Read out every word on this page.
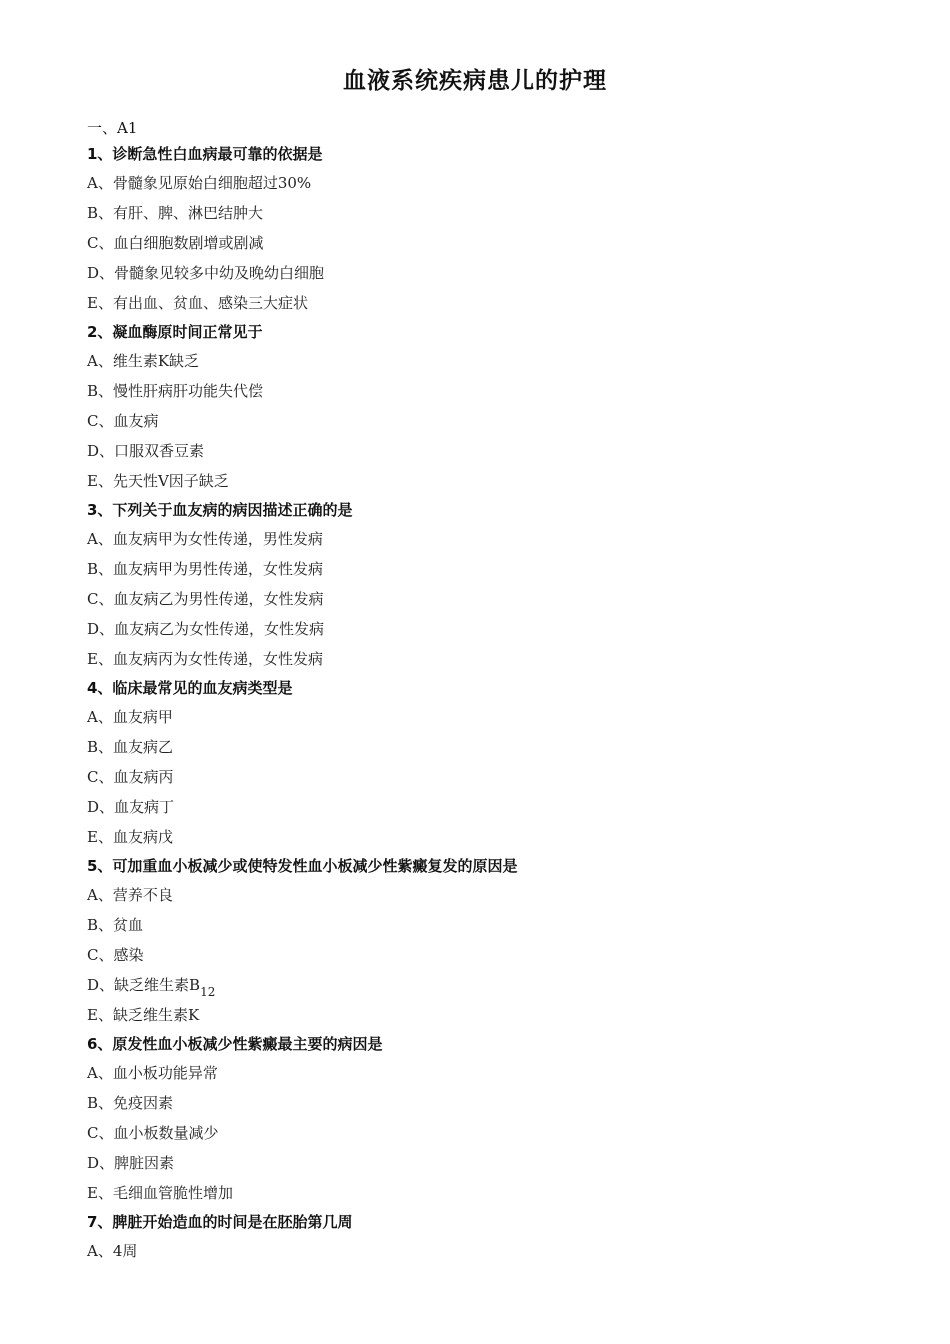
血液系统疾病患儿的护理
一、A1
1、诊断急性白血病最可靠的依据是
A、骨髓象见原始白细胞超过30%
B、有肝、脾、淋巴结肿大
C、血白细胞数剧增或剧减
D、骨髓象见较多中幼及晚幼白细胞
E、有出血、贫血、感染三大症状
2、凝血酶原时间正常见于
A、维生素K缺乏
B、慢性肝病肝功能失代偿
C、血友病
D、口服双香豆素
E、先天性V因子缺乏
3、下列关于血友病的病因描述正确的是
A、血友病甲为女性传递，男性发病
B、血友病甲为男性传递，女性发病
C、血友病乙为男性传递，女性发病
D、血友病乙为女性传递，女性发病
E、血友病丙为女性传递，女性发病
4、临床最常见的血友病类型是
A、血友病甲
B、血友病乙
C、血友病丙
D、血友病丁
E、血友病戊
5、可加重血小板减少或使特发性血小板减少性紫癜复发的原因是
A、营养不良
B、贫血
C、感染
D、缺乏维生素$B_{12}$
E、缺乏维生素K
6、原发性血小板减少性紫癜最主要的病因是
A、血小板功能异常
B、免疫因素
C、血小板数量减少
D、脾脏因素
E、毛细血管脆性增加
7、脾脏开始造血的时间是在胚胎第几周
A、4周
